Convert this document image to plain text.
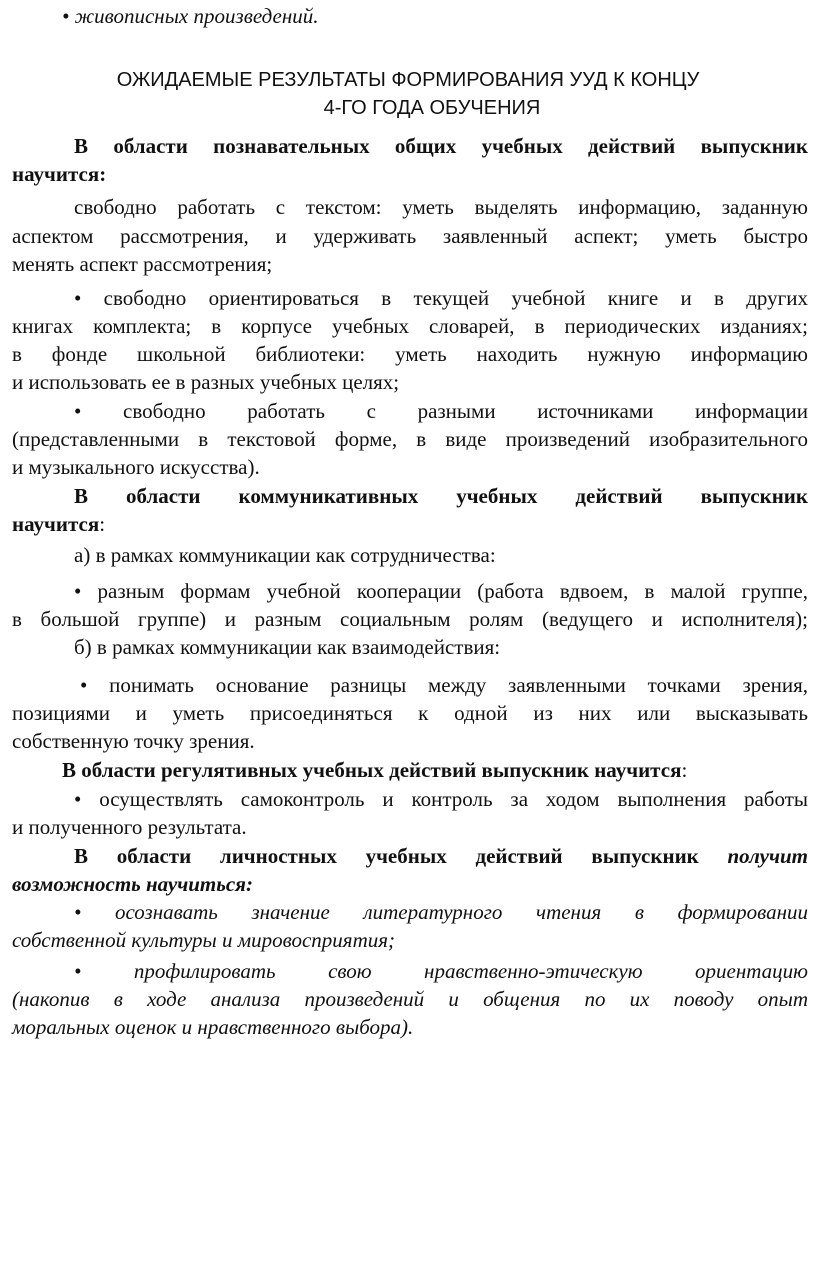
• живописных произведений.
ОЖИДАЕМЫЕ РЕЗУЛЬТАТЫ ФОРМИРОВАНИЯ УУД К КОНЦУ
4-ГО ГОДА ОБУЧЕНИЯ
В области познавательных общих учебных действий выпускник
научится:
свободно работать с текстом: уметь выделять информацию, заданную
аспектом рассмотрения, и удерживать заявленный аспект; уметь быстро
менять аспект рассмотрения;
• свободно ориентироваться в текущей учебной книге и в других
книгах комплекта; в корпусе учебных словарей, в периодических изданиях;
в фонде школьной библиотеки: уметь находить нужную информацию
и использовать ее в разных учебных целях;
• свободно работать с разными источниками информации
(представленными в текстовой форме, в виде произведений изобразительного
и музыкального искусства).
В области коммуникативных учебных действий выпускник
научится:
а) в рамках коммуникации как сотрудничества:
• разным формам учебной кооперации (работа вдвоем, в малой группе,
в большой группе) и разным социальным ролям (ведущего и исполнителя);
б) в рамках коммуникации как взаимодействия:
• понимать основание разницы между заявленными точками зрения,
позициями и уметь присоединяться к одной из них или высказывать
собственную точку зрения.
В области регулятивных учебных действий выпускник научится:
• осуществлять самоконтроль и контроль за ходом выполнения работы
и полученного результата.
В области личностных учебных действий выпускник получит
возможность научиться:
• осознавать значение литературного чтения в формировании
собственной культуры и мировосприятия;
• профилировать свою нравственно-этическую ориентацию
(накопив в ходе анализа произведений и общения по их поводу опыт
моральных оценок и нравственного выбора).
